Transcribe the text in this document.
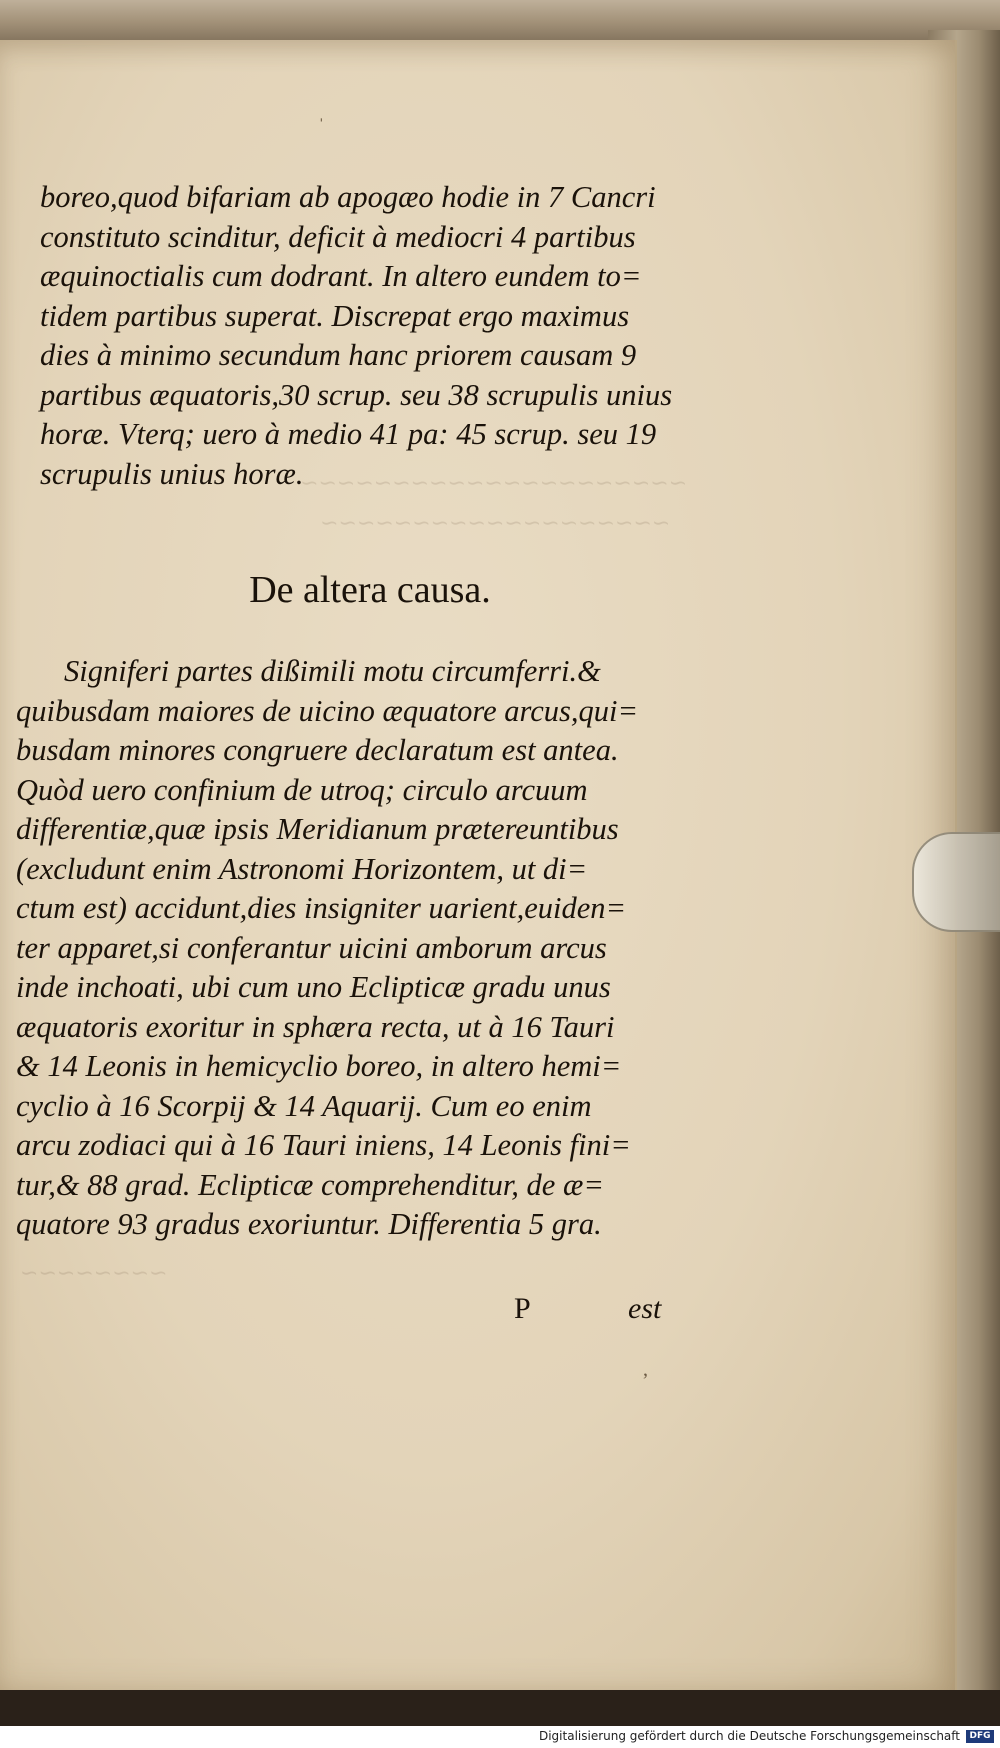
∼∼∼∼∼∼∼∼∼∼∼∼∼∼∼∼∼∼∼∼∼
∼∼∼∼∼∼∼∼∼∼∼∼∼∼∼∼∼∼∼
∼∼∼∼∼∼∼∼
ˌ
boreo,quod bifariam ab apogæo hodie in 7 Cancri
constituto scinditur, deficit à mediocri 4 partibus
æquinoctialis cum dodrant. In altero eundem to=
tidem partibus superat. Discrepat ergo maximus
dies à minimo secundum hanc priorem causam 9
partibus æquatoris,30 scrup. seu 38 scrupulis unius
horæ. Vterq; uero à medio 41 pa: 45 scrup. seu 19
scrupulis unius horæ.
De altera causa.
Signiferi partes dißimili motu circumferri.&
quibusdam maiores de uicino æquatore arcus,qui=
busdam minores congruere declaratum est antea.
Quòd uero confinium de utroq; circulo arcuum
differentiæ,quæ ipsis Meridianum prætereuntibus
(excludunt enim Astronomi Horizontem, ut di=
ctum est) accidunt,dies insigniter uarient,euiden=
ter apparet,si conferantur uicini amborum arcus
inde inchoati, ubi cum uno Eclipticæ gradu unus
æquatoris exoritur in sphæra recta, ut à 16 Tauri
& 14 Leonis in hemicyclio boreo, in altero hemi=
cyclio à 16 Scorpij & 14 Aquarij. Cum eo enim
arcu zodiaci qui à 16 Tauri iniens, 14 Leonis fini=
tur,& 88 grad. Eclipticæ comprehenditur, de æ=
quatore 93 gradus exoriuntur. Differentia 5 gra.
P	est
ʼ
Digitalisierung gefördert durch die Deutsche Forschungsgemeinschaft	DFG
